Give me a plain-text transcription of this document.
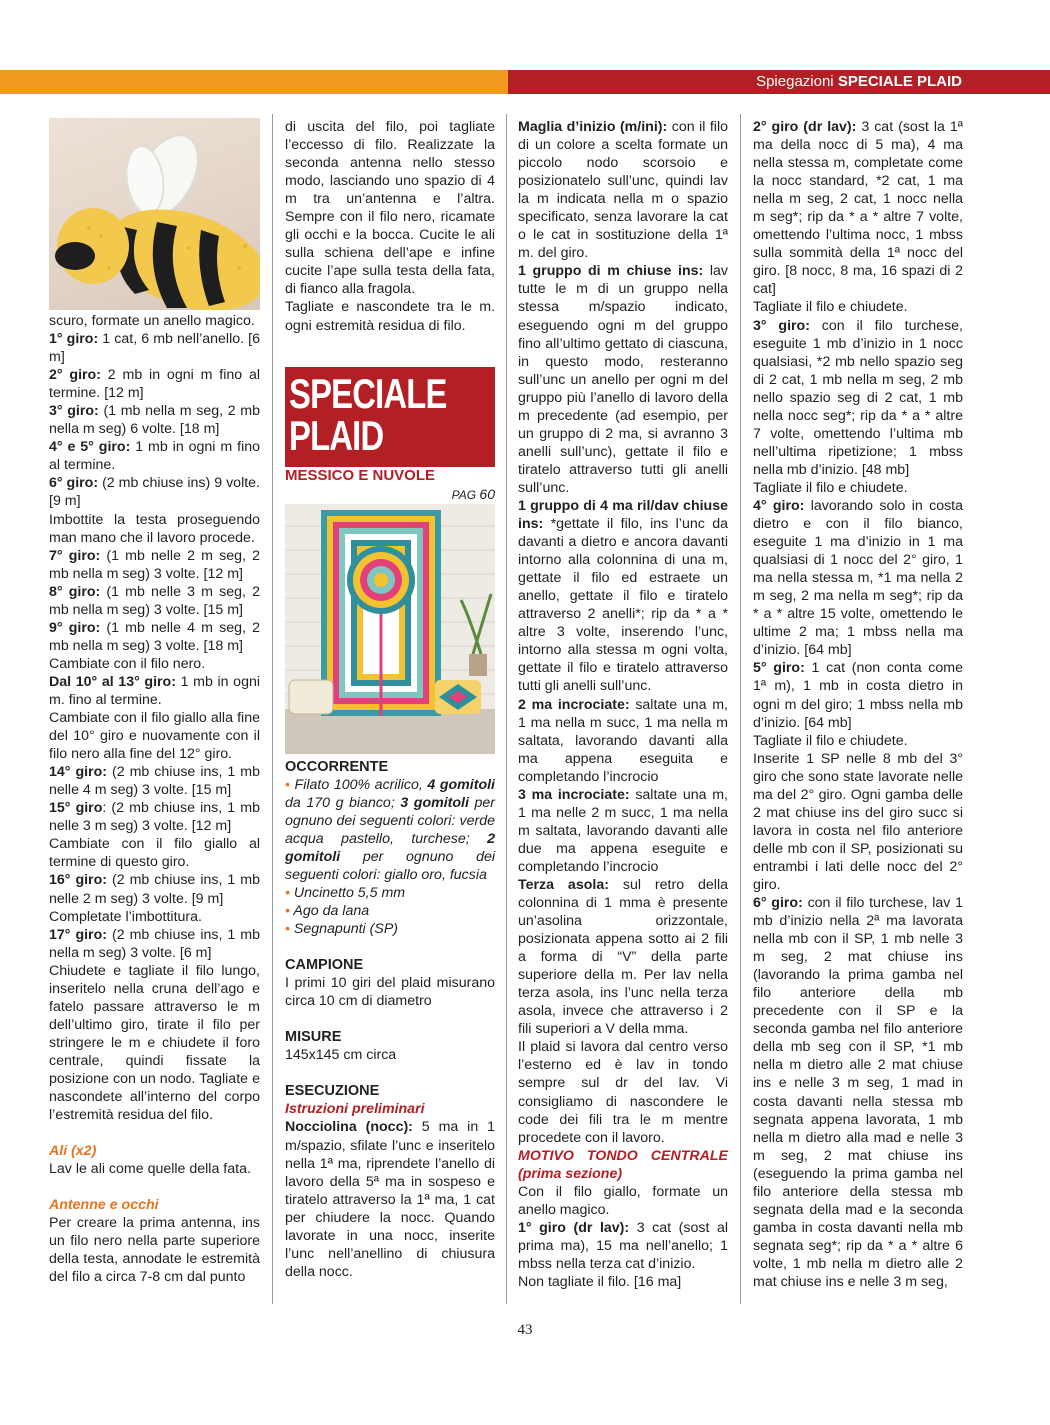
Spiegazioni SPECIALE PLAID

scuro, formate un anello magico.

1° giro: 1 cat, 6 mb nell’anello. [6 m]

2° giro: 2 mb in ogni m fino al termine. [12 m]

3° giro: (1 mb nella m seg, 2 mb nella m seg) 6 volte. [18 m]

4° e 5° giro: 1 mb in ogni m fino al termine.

6° giro: (2 mb chiuse ins) 9 volte. [9 m]

Imbottite la testa proseguendo man mano che il lavoro procede.

7° giro: (1 mb nelle 2 m seg, 2 mb nella m seg) 3 volte. [12 m]

8° giro: (1 mb nelle 3 m seg, 2 mb nella m seg) 3 volte. [15 m]

9° giro: (1 mb nelle 4 m seg, 2 mb nella m seg) 3 volte. [18 m]

Cambiate con il filo nero.

Dal 10° al 13° giro: 1 mb in ogni m. fino al termine.

Cambiate con il filo giallo alla fine del 10° giro e nuovamente con il filo nero alla fine del 12° giro.

14° giro: (2 mb chiuse ins, 1 mb nelle 4 m seg) 3 volte. [15 m]

15° giro: (2 mb chiuse ins, 1 mb nelle 3 m seg) 3 volte. [12 m]

Cambiate con il filo giallo al termine di questo giro.

16° giro: (2 mb chiuse ins, 1 mb nelle 2 m seg) 3 volte. [9 m]

Completate l’imbottitura.

17° giro: (2 mb chiuse ins, 1 mb nella m seg) 3 volte. [6 m]

Chiudete e tagliate il filo lungo, inseritelo nella cruna dell’ago e fatelo passare attraverso le m dell’ultimo giro, tirate il filo per stringere le m e chiudete il foro centrale, quindi fissate la posizione con un nodo. Tagliate e nascondete all’interno del corpo l’estremità residua del filo.

Ali (x2)

Lav le ali come quelle della fata.

Antenne e occhi

Per creare la prima antenna, ins un filo nero nella parte superiore della testa, annodate le estremità del filo a circa 7-8 cm dal punto

di uscita del filo, poi tagliate l’eccesso di filo. Realizzate la seconda antenna nello stesso modo, lasciando uno spazio di 4 m tra un’antenna e l’altra. Sempre con il filo nero, ricamate gli occhi e la bocca. Cucite le ali sulla schiena dell’ape e infine cucite l’ape sulla testa della fata, di fianco alla fragola.

Tagliate e nascondete tra le m. ogni estremità residua di filo.

SPECIALE
PLAID

MESSICO E NUVOLE

PAG 60

OCCORRENTE

• Filato 100% acrilico, 4 gomitoli da 170 g bianco; 3 gomitoli per ognuno dei seguenti colori: verde acqua pastello, turchese; 2 gomitoli per ognuno dei seguenti colori: giallo oro, fucsia

• Uncinetto 5,5 mm

• Ago da lana

• Segnapunti (SP)

CAMPIONE

I primi 10 giri del plaid misurano circa 10 cm di diametro

MISURE

145x145 cm circa

ESECUZIONE

Istruzioni preliminari

Nocciolina (nocc): 5 ma in 1 m/spazio, sfilate l’unc e inseritelo nella 1ª ma, riprendete l’anello di lavoro della 5ª ma in sospeso e tiratelo attraverso la 1ª ma, 1 cat per chiudere la nocc. Quando lavorate in una nocc, inserite l’unc nell’anellino di chiusura della nocc.

Maglia d’inizio (m/ini): con il filo di un colore a scelta formate un piccolo nodo scorsoio e posizionatelo sull’unc, quindi lav la m indicata nella m o spazio specificato, senza lavorare la cat o le cat in sostituzione della 1ª m. del giro.

1 gruppo di m chiuse ins: lav tutte le m di un gruppo nella stessa m/spazio indicato, eseguendo ogni m del gruppo fino all’ultimo gettato di ciascuna, in questo modo, resteranno sull’unc un anello per ogni m del gruppo più l’anello di lavoro della m precedente (ad esempio, per un gruppo di 2 ma, si avranno 3 anelli sull’unc), gettate il filo e tiratelo attraverso tutti gli anelli sull’unc.

1 gruppo di 4 ma ril/dav chiuse ins: *gettate il filo, ins l’unc da davanti a dietro e ancora davanti intorno alla colonnina di una m, gettate il filo ed estraete un anello, gettate il filo e tiratelo attraverso 2 anelli*; rip da * a * altre 3 volte, inserendo l’unc, intorno alla stessa m ogni volta, gettate il filo e tiratelo attraverso tutti gli anelli sull’unc.

2 ma incrociate: saltate una m, 1 ma nella m succ, 1 ma nella m saltata, lavorando davanti alla ma appena eseguita e completando l’incrocio

3 ma incrociate: saltate una m, 1 ma nelle 2 m succ, 1 ma nella m saltata, lavorando davanti alle due ma appena eseguite e completando l’incrocio

Terza asola: sul retro della colonnina di 1 mma è presente un’asolina orizzontale, posizionata appena sotto ai 2 fili a forma di “V” della parte superiore della m. Per lav nella terza asola, ins l’unc nella terza asola, invece che attraverso i 2 fili superiori a V della mma.

Il plaid si lavora dal centro verso l’esterno ed è lav in tondo sempre sul dr del lav. Vi consigliamo di nascondere le code dei fili tra le m mentre procedete con il lavoro.

MOTIVO TONDO CENTRALE (prima sezione)

Con il filo giallo, formate un anello magico.

1° giro (dr lav): 3 cat (sost al prima ma), 15 ma nell’anello; 1 mbss nella terza cat d’inizio.

Non tagliate il filo. [16 ma]

2° giro (dr lav): 3 cat (sost la 1ª ma della nocc di 5 ma), 4 ma nella stessa m, completate come la nocc standard, *2 cat, 1 ma nella m seg, 2 cat, 1 nocc nella m seg*; rip da * a * altre 7 volte, omettendo l’ultima nocc, 1 mbss sulla sommità della 1ª nocc del giro. [8 nocc, 8 ma, 16 spazi di 2 cat]

Tagliate il filo e chiudete.

3° giro: con il filo turchese, eseguite 1 mb d’inizio in 1 nocc qualsiasi, *2 mb nello spazio seg di 2 cat, 1 mb nella m seg, 2 mb nello spazio seg di 2 cat, 1 mb nella nocc seg*; rip da * a * altre 7 volte, omettendo l’ultima mb nell’ultima ripetizione; 1 mbss nella mb d’inizio. [48 mb]

Tagliate il filo e chiudete.

4° giro: lavorando solo in costa dietro e con il filo bianco, eseguite 1 ma d’inizio in 1 ma qualsiasi di 1 nocc del 2° giro, 1 ma nella stessa m, *1 ma nella 2 m seg, 2 ma nella m seg*; rip da * a * altre 15 volte, omettendo le ultime 2 ma; 1 mbss nella ma d’inizio. [64 mb]

5° giro: 1 cat (non conta come 1ª m), 1 mb in costa dietro in ogni m del giro; 1 mbss nella mb d’inizio. [64 mb]

Tagliate il filo e chiudete.

Inserite 1 SP nelle 8 mb del 3° giro che sono state lavorate nelle ma del 2° giro. Ogni gamba delle 2 mat chiuse ins del giro succ si lavora in costa nel filo anteriore delle mb con il SP, posizionati su entrambi i lati delle nocc del 2° giro.

6° giro: con il filo turchese, lav 1 mb d’inizio nella 2ª ma lavorata nella mb con il SP, 1 mb nelle 3 m seg, 2 mat chiuse ins (lavorando la prima gamba nel filo anteriore della mb precedente con il SP e la seconda gamba nel filo anteriore della mb seg con il SP, *1 mb nella m dietro alle 2 mat chiuse ins e nelle 3 m seg, 1 mad in costa davanti nella stessa mb segnata appena lavorata, 1 mb nella m dietro alla mad e nelle 3 m seg, 2 mat chiuse ins (eseguendo la prima gamba nel filo anteriore della stessa mb segnata della mad e la seconda gamba in costa davanti nella mb segnata seg*; rip da * a * altre 6 volte, 1 mb nella m dietro alle 2 mat chiuse ins e nelle 3 m seg,

43
